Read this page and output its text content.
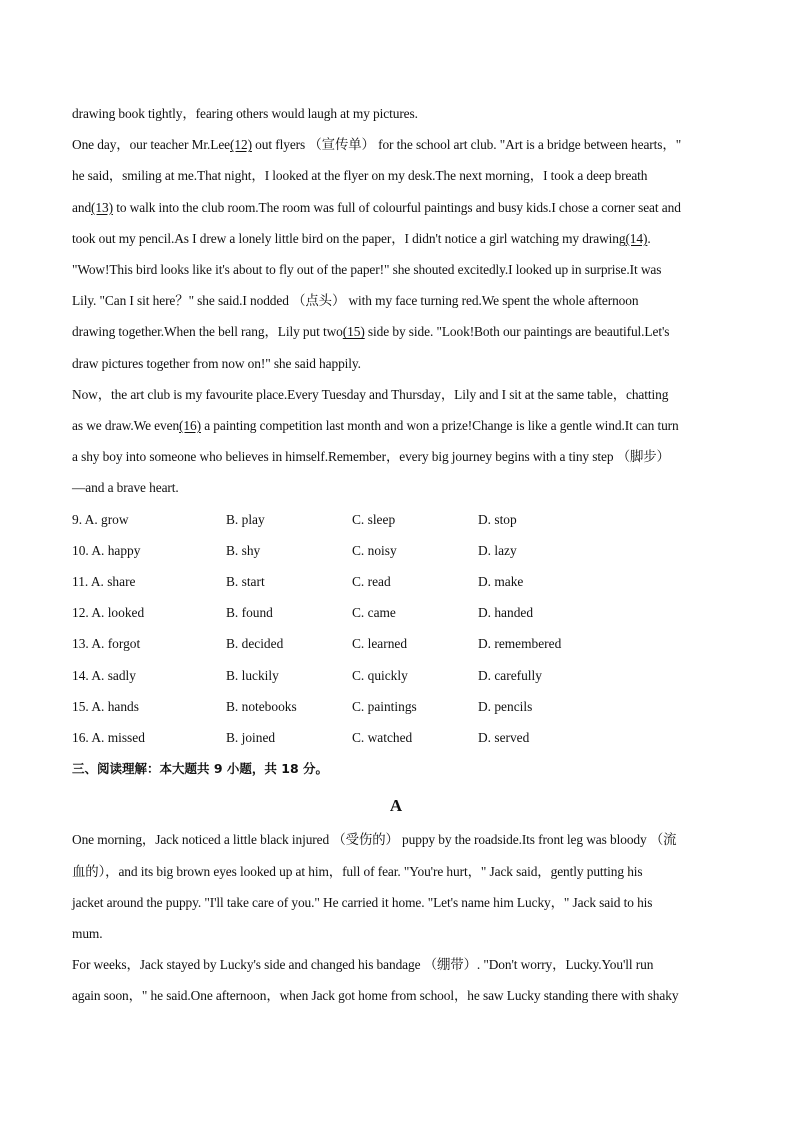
drawing book tightly，fearing others would laugh at my pictures.
One day，our teacher Mr.Lee(12) out flyers （宣传单） for the school art club. "Art is a bridge between hearts，"
he said，smiling at me.That night，I looked at the flyer on my desk.The next morning，I took a deep breath
and(13) to walk into the club room.The room was full of colourful paintings and busy kids.I chose a corner seat and
took out my pencil.As I drew a lonely little bird on the paper，I didn't notice a girl watching my drawing(14).
"Wow!This bird looks like it's about to fly out of the paper!" she shouted excitedly.I looked up in surprise.It was
Lily. "Can I sit here？" she said.I nodded （点头） with my face turning red.We spent the whole afternoon
drawing together.When the bell rang，Lily put two(15) side by side. "Look!Both our paintings are beautiful.Let's
draw pictures together from now on!" she said happily.
Now，the art club is my favourite place.Every Tuesday and Thursday，Lily and I sit at the same table，chatting
as we draw.We even(16) a painting competition last month and won a prize!Change is like a gentle wind.It can turn
a shy boy into someone who believes in himself.Remember，every big journey begins with a tiny step （脚步）
—and a brave heart.
9. A. grow	B. play	C. sleep	D. stop
10. A. happy	B. shy	C. noisy	D. lazy
11. A. share	B. start	C. read	D. make
12. A. looked	B. found	C. came	D. handed
13. A. forgot	B. decided	C. learned	D. remembered
14. A. sadly	B. luckily	C. quickly	D. carefully
15. A. hands	B. notebooks	C. paintings	D. pencils
16. A. missed	B. joined	C. watched	D. served
三、阅读理解：本大题共 9 小题，共 18 分。
A
One morning，Jack noticed a little black injured （受伤的） puppy by the roadside.Its front leg was bloody （流
血的），and its big brown eyes looked up at him，full of fear. "You're hurt，" Jack said，gently putting his
jacket around the puppy. "I'll take care of you." He carried it home. "Let's name him Lucky，" Jack said to his
mum.
For weeks，Jack stayed by Lucky's side and changed his bandage （绷带）. "Don't worry，Lucky.You'll run
again soon，" he said.One afternoon，when Jack got home from school，he saw Lucky standing there with shaky
